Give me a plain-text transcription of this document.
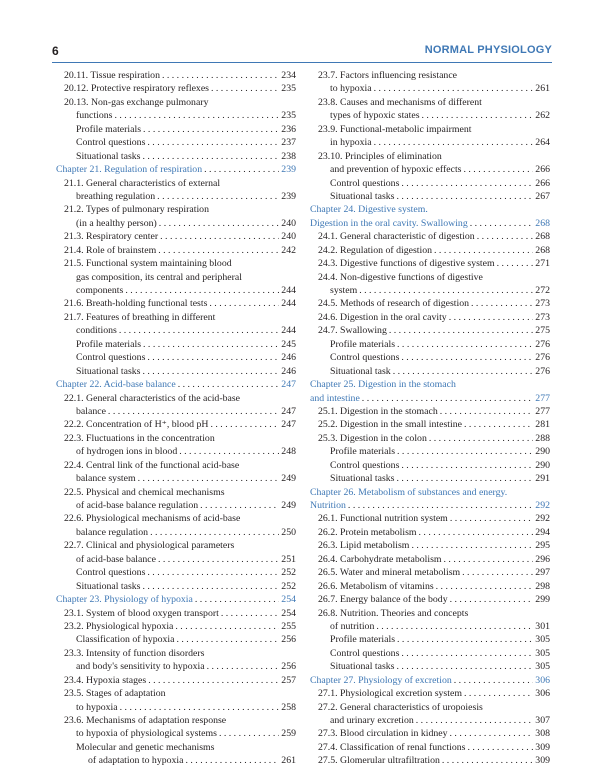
6	NORMAL PHYSIOLOGY
20.11. Tissue respiration . . .	234
20.12. Protective respiratory reflexes . . .	235
20.13. Non-gas exchange pulmonary
functions . . .	235
Profile materials . . .	236
Control questions . . .	237
Situational tasks . . .	238
Chapter 21. Regulation of respiration . . .	239
21.1. General characteristics of external
breathing regulation . . .	239
21.2. Types of pulmonary respiration
(in a healthy person) . . .	240
21.3. Respiratory center . . .	240
21.4. Role of brainstem . . .	242
21.5. Functional system maintaining blood
gas composition, its central and peripheral
components . . .	244
21.6. Breath-holding functional tests . . .	244
21.7. Features of breathing in different
conditions . . .	244
Profile materials . . .	245
Control questions . . .	246
Situational tasks . . .	246
Chapter 22. Acid-base balance . . .	247
22.1. General characteristics of the acid-base
balance . . .	247
22.2. Concentration of H⁺, blood pH . . .	247
22.3. Fluctuations in the concentration
of hydrogen ions in blood . . .	248
22.4. Central link of the functional acid-base
balance system . . .	249
22.5. Physical and chemical mechanisms
of acid-base balance regulation . . .	249
22.6. Physiological mechanisms of acid-base
balance regulation . . .	250
22.7. Clinical and physiological parameters
of acid-base balance . . .	251
Control questions . . .	252
Situational tasks . . .	252
Chapter 23. Physiology of hypoxia . . .	254
23.1. System of blood oxygen transport . . .	254
23.2. Physiological hypoxia . . .	255
Classification of hypoxia . . .	256
23.3. Intensity of function disorders
and body's sensitivity to hypoxia . . .	256
23.4. Hypoxia stages . . .	257
23.5. Stages of adaptation
to hypoxia . . .	258
23.6. Mechanisms of adaptation response
to hypoxia of physiological systems . . .	259
Molecular and genetic mechanisms
of adaptation to hypoxia . . .	261
23.7. Factors influencing resistance
to hypoxia . . .	261
23.8. Causes and mechanisms of different
types of hypoxic states . . .	262
23.9. Functional-metabolic impairment
in hypoxia . . .	264
23.10. Principles of elimination
and prevention of hypoxic effects . . .	266
Control questions . . .	266
Situational tasks . . .	267
Chapter 24. Digestive system.
Digestion in the oral cavity. Swallowing . . .	268
24.1. General characteristic of digestion . . .	268
24.2. Regulation of digestion . . .	268
24.3. Digestive functions of digestive system . . .	271
24.4. Non-digestive functions of digestive
system . . .	272
24.5. Methods of research of digestion . . .	273
24.6. Digestion in the oral cavity . . .	273
24.7. Swallowing . . .	275
Profile materials . . .	276
Control questions . . .	276
Situational task . . .	276
Chapter 25. Digestion in the stomach
and intestine . . .	277
25.1. Digestion in the stomach . . .	277
25.2. Digestion in the small intestine . . .	281
25.3. Digestion in the colon . . .	288
Profile materials . . .	290
Control questions . . .	290
Situational tasks . . .	291
Chapter 26. Metabolism of substances and energy.
Nutrition . . .	292
26.1. Functional nutrition system . . .	292
26.2. Protein metabolism . . .	294
26.3. Lipid metabolism . . .	295
26.4. Carbohydrate metabolism . . .	296
26.5. Water and mineral metabolism . . .	297
26.6. Metabolism of vitamins . . .	298
26.7. Energy balance of the body . . .	299
26.8. Nutrition. Theories and concepts
of nutrition . . .	301
Profile materials . . .	305
Control questions . . .	305
Situational tasks . . .	305
Chapter 27. Physiology of excretion . . .	306
27.1. Physiological excretion system . . .	306
27.2. General characteristics of uropoiesis
and urinary excretion . . .	307
27.3. Blood circulation in kidney . . .	308
27.4. Classification of renal functions . . .	309
27.5. Glomerular ultrafiltration . . .	309
